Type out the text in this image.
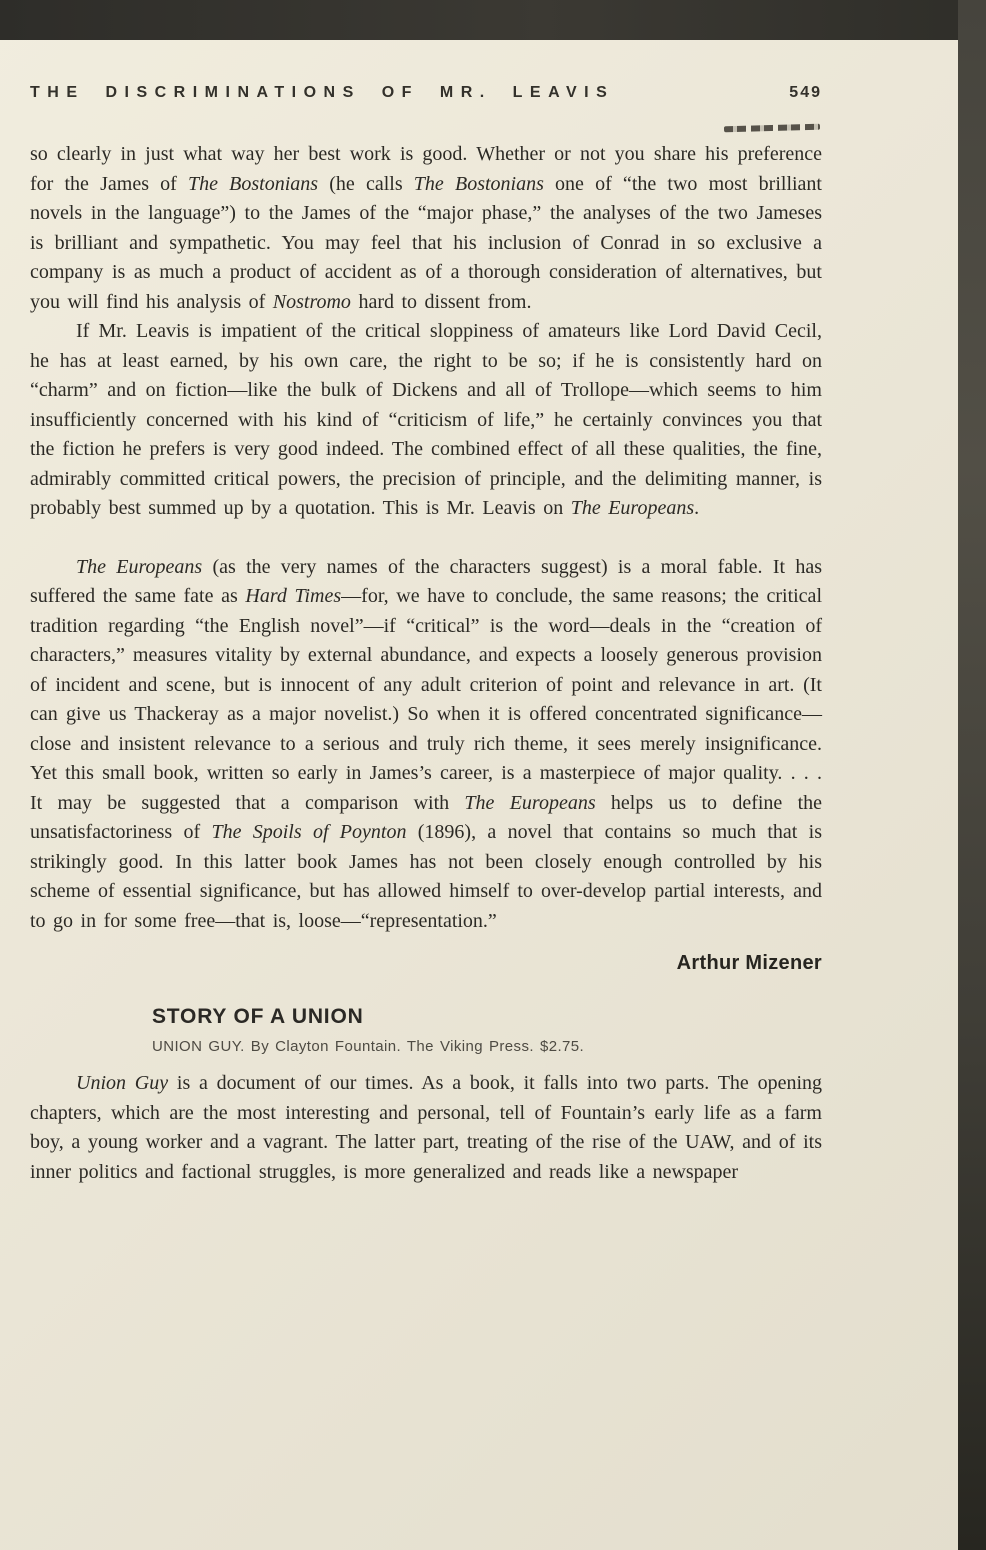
THE DISCRIMINATIONS OF MR. LEAVIS	549

so clearly in just what way her best work is good. Whether or not you share his preference for the James of The Bostonians (he calls The Bostonians one of “the two most brilliant novels in the language”) to the James of the “major phase,” the analyses of the two Jameses is brilliant and sympathetic. You may feel that his inclusion of Conrad in so exclusive a company is as much a product of accident as of a thorough consideration of alternatives, but you will find his analysis of Nostromo hard to dissent from.

If Mr. Leavis is impatient of the critical sloppiness of amateurs like Lord David Cecil, he has at least earned, by his own care, the right to be so; if he is consistently hard on “charm” and on fiction—like the bulk of Dickens and all of Trollope—which seems to him insufficiently concerned with his kind of “criticism of life,” he certainly convinces you that the fiction he prefers is very good indeed. The combined effect of all these qualities, the fine, admirably committed critical powers, the precision of principle, and the delimiting manner, is probably best summed up by a quotation. This is Mr. Leavis on The Europeans.

The Europeans (as the very names of the characters suggest) is a moral fable. It has suffered the same fate as Hard Times—for, we have to conclude, the same reasons; the critical tradition regarding “the English novel”—if “critical” is the word—deals in the “creation of characters,” measures vitality by external abundance, and expects a loosely generous provision of incident and scene, but is innocent of any adult criterion of point and relevance in art. (It can give us Thackeray as a major novelist.) So when it is offered concentrated significance—close and insistent relevance to a serious and truly rich theme, it sees merely insignificance. Yet this small book, written so early in James’s career, is a masterpiece of major quality. . . . It may be suggested that a comparison with The Europeans helps us to define the unsatisfactoriness of The Spoils of Poynton (1896), a novel that contains so much that is strikingly good. In this latter book James has not been closely enough controlled by his scheme of essential significance, but has allowed himself to over-develop partial interests, and to go in for some free—that is, loose—“representation.”

Arthur Mizener
STORY OF A UNION
UNION GUY. By Clayton Fountain. The Viking Press. $2.75.

Union Guy is a document of our times. As a book, it falls into two parts. The opening chapters, which are the most interesting and personal, tell of Fountain’s early life as a farm boy, a young worker and a vagrant. The latter part, treating of the rise of the UAW, and of its inner politics and factional struggles, is more generalized and reads like a newspaper
